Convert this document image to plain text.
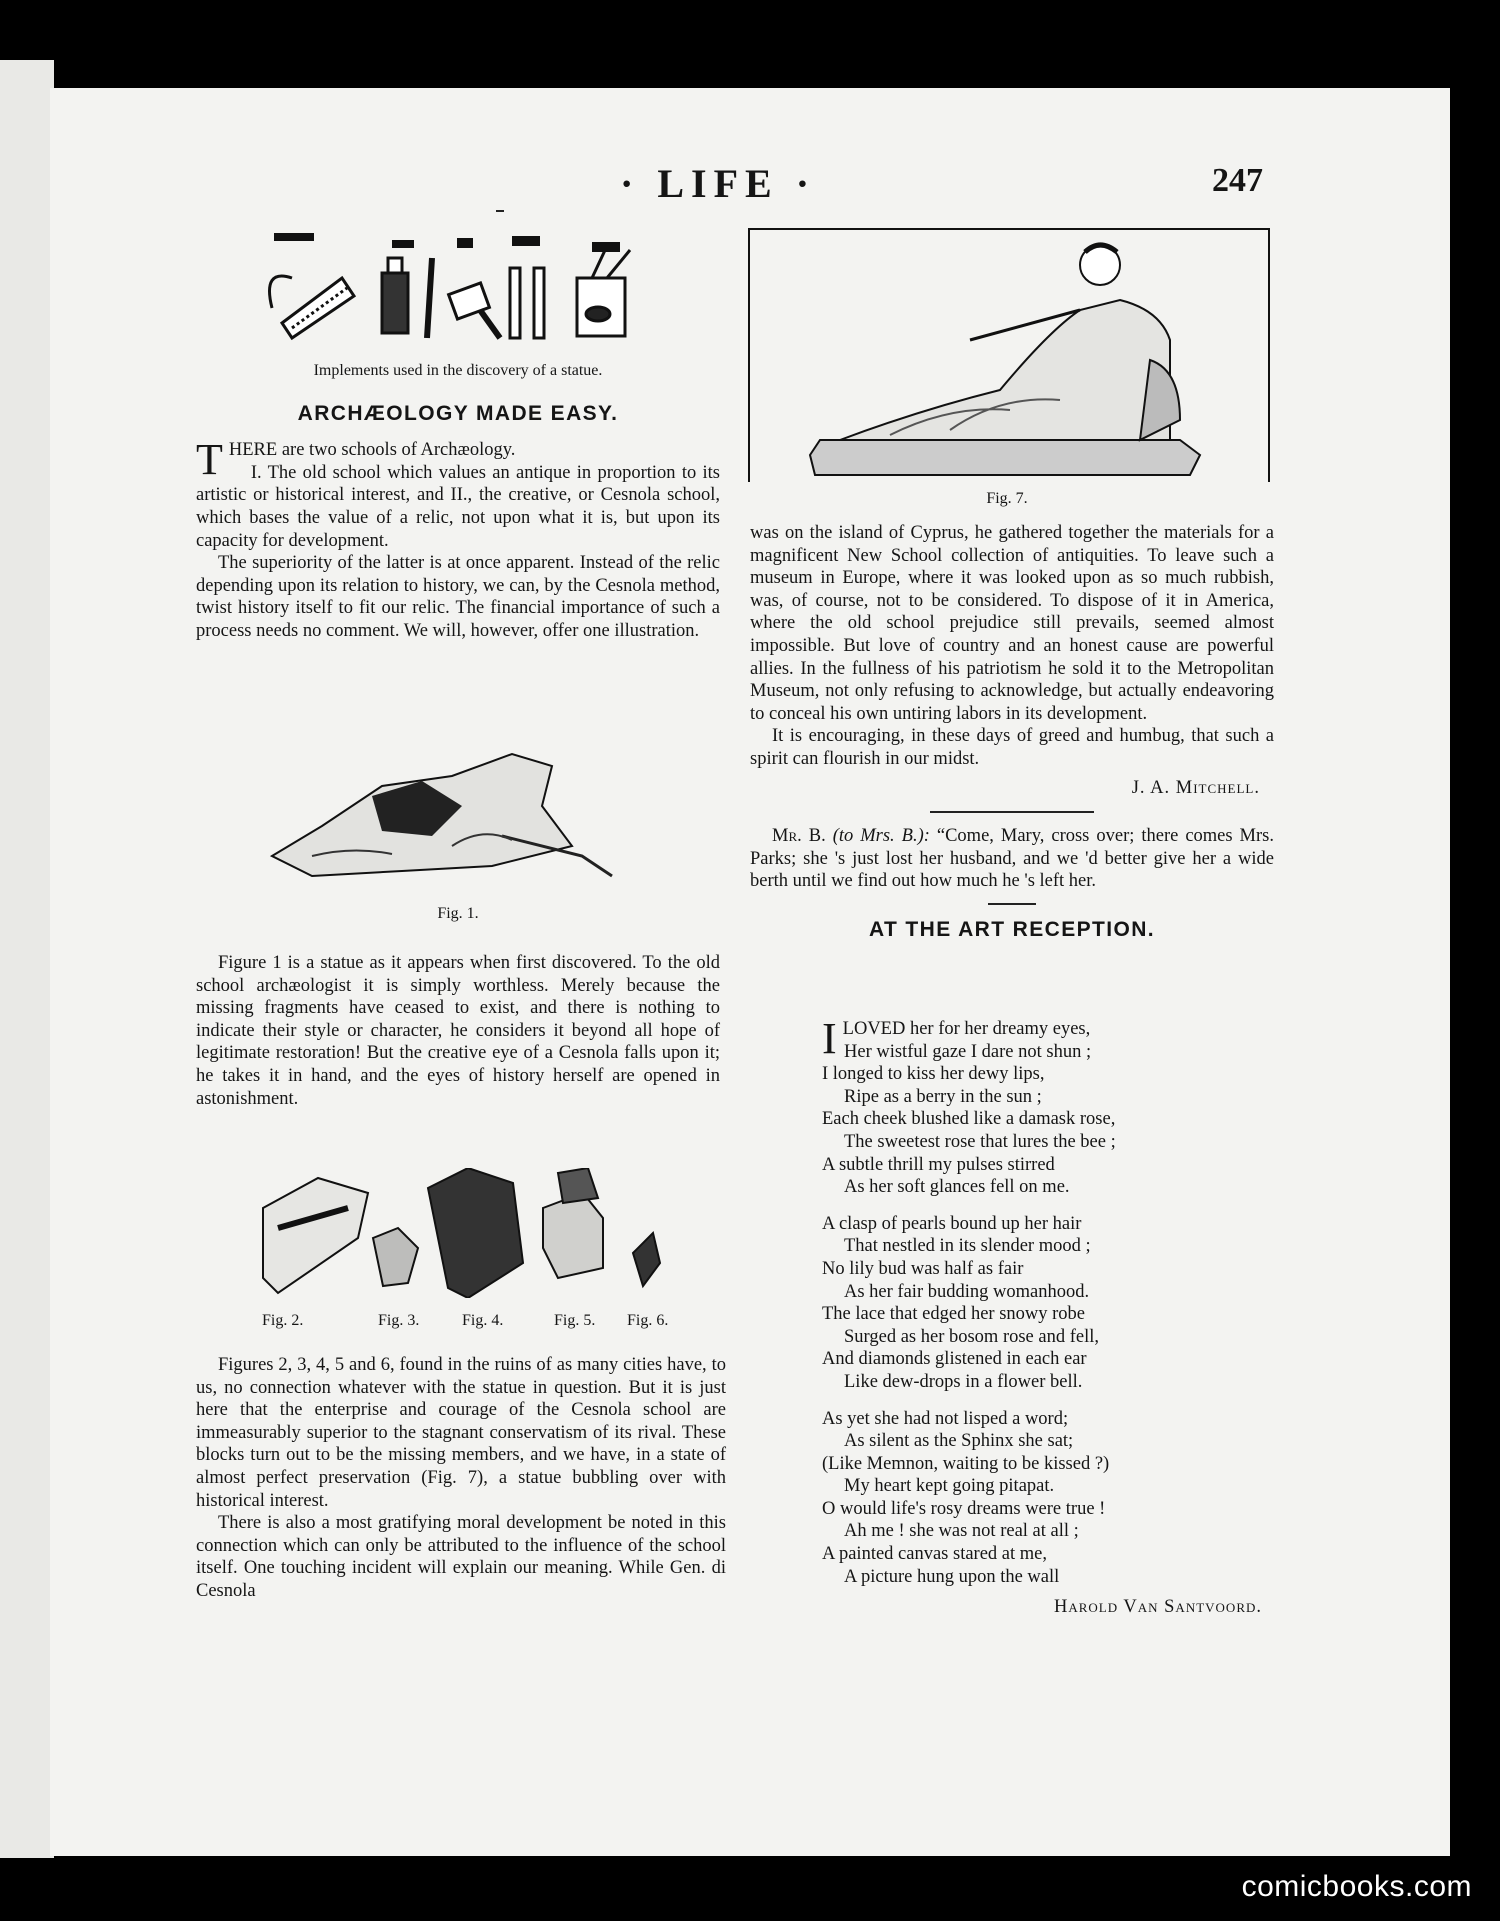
· LIFE ·	247
Implements used in the discovery of a statue.
ARCHÆOLOGY MADE EASY.

THERE are two schools of Archæology.

I. The old school which values an antique in proportion to its artistic or historical interest, and II., the creative, or Cesnola school, which bases the value of a relic, not upon what it is, but upon its capacity for development.

The superiority of the latter is at once apparent. Instead of the relic depending upon its relation to history, we can, by the Cesnola method, twist history itself to fit our relic. The financial importance of such a process needs no comment. We will, however, offer one illustration.

Fig. 1.

Figure 1 is a statue as it appears when first discovered. To the old school archæologist it is simply worthless. Merely because the missing fragments have ceased to exist, and there is nothing to indicate their style or character, he considers it beyond all hope of legitimate restoration! But the creative eye of a Cesnola falls upon it; he takes it in hand, and the eyes of history herself are opened in astonishment.

Fig. 2.	Fig. 3.	Fig. 4.	Fig. 5. Fig. 6.

Figures 2, 3, 4, 5 and 6, found in the ruins of as many cities have, to us, no connection whatever with the statue in question. But it is just here that the enterprise and courage of the Cesnola school are immeasurably superior to the stagnant conservatism of its rival. These blocks turn out to be the missing members, and we have, in a state of almost perfect preservation (Fig. 7), a statue bubbling over with historical interest.

There is also a most gratifying moral development be noted in this connection which can only be attributed to the influence of the school itself. One touching incident will explain our meaning. While Gen. di Cesnola

Fig. 7.

was on the island of Cyprus, he gathered together the materials for a magnificent New School collection of antiquities. To leave such a museum in Europe, where it was looked upon as so much rubbish, was, of course, not to be considered. To dispose of it in America, where the old school prejudice still prevails, seemed almost impossible. But love of country and an honest cause are powerful allies. In the fullness of his patriotism he sold it to the Metropolitan Museum, not only refusing to acknowledge, but actually endeavoring to conceal his own untiring labors in its development.

It is encouraging, in these days of greed and humbug, that such a spirit can flourish in our midst.

J. A. Mitchell.

Mr. B. (to Mrs. B.): “Come, Mary, cross over; there comes Mrs. Parks; she 's just lost her husband, and we 'd better give her a wide berth until we find out how much he 's left her.

AT THE ART RECEPTION.
ILOVED her for her dreamy eyes,
Her wistful gaze I dare not shun ;
I longed to kiss her dewy lips,
Ripe as a berry in the sun ;
Each cheek blushed like a damask rose,
The sweetest rose that lures the bee ;
A subtle thrill my pulses stirred
As her soft glances fell on me.
A clasp of pearls bound up her hair
That nestled in its slender mood ;
No lily bud was half as fair
As her fair budding womanhood.
The lace that edged her snowy robe
Surged as her bosom rose and fell,
And diamonds glistened in each ear
Like dew-drops in a flower bell.
As yet she had not lisped a word;
As silent as the Sphinx she sat;
(Like Memnon, waiting to be kissed ?)
My heart kept going pitapat.
O would life's rosy dreams were true !
Ah me ! she was not real at all ;
A painted canvas stared at me,
A picture hung upon the wall
Harold Van Santvoord.
comicbooks.com
